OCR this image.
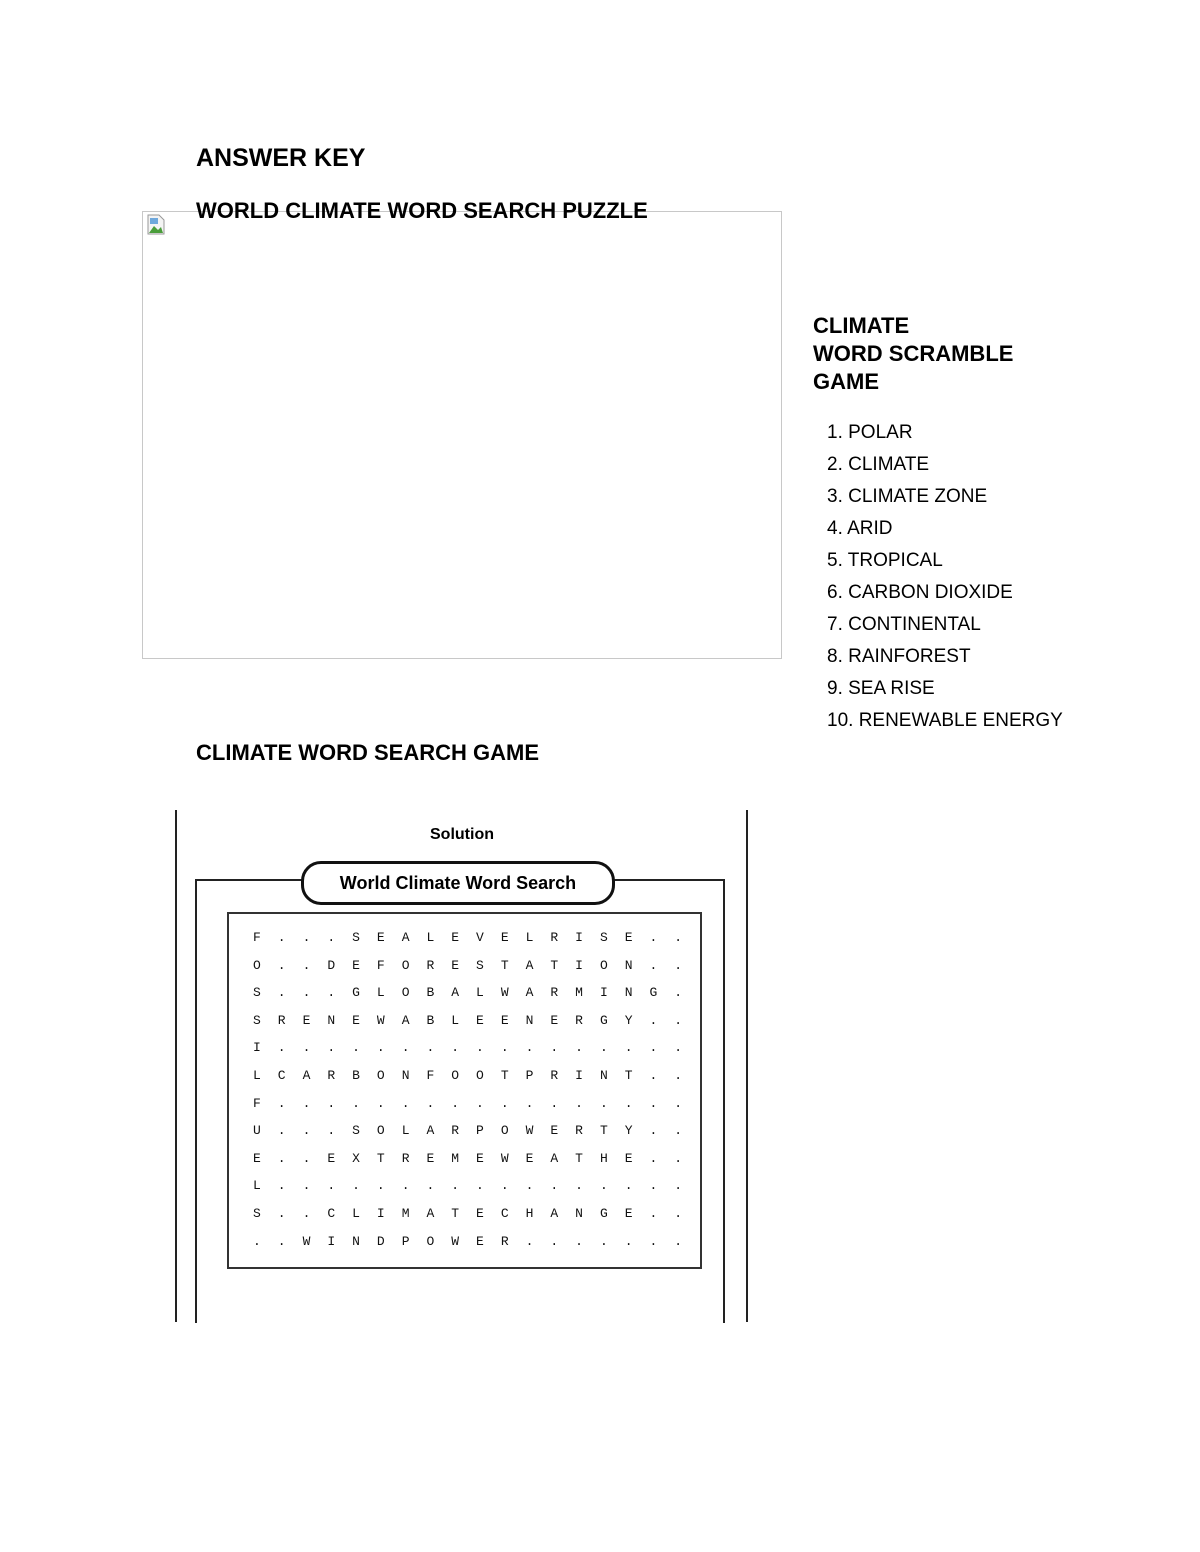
ANSWER KEY
WORLD CLIMATE WORD SEARCH PUZZLE
CLIMATE
WORD SCRAMBLE
GAME
1. POLAR
2. CLIMATE
3. CLIMATE ZONE
4. ARID
5. TROPICAL
6. CARBON DIOXIDE
7. CONTINENTAL
8. RAINFOREST
9. SEA RISE
10. RENEWABLE ENERGY
CLIMATE WORD SEARCH GAME
Solution
World Climate Word Search
F...SEALEVELRISE..
O..DEFORESTATION..
S...GLOBALWARMING.
SRENEWABLEENERGY..
I.................
LCARBONFOOTPRINT..
F.................
U...SOLARPOWERTY..
E..EXTREMEWEATHE..
L.................
S..CLIMATECHANGE..
..WINDPOWER.......
